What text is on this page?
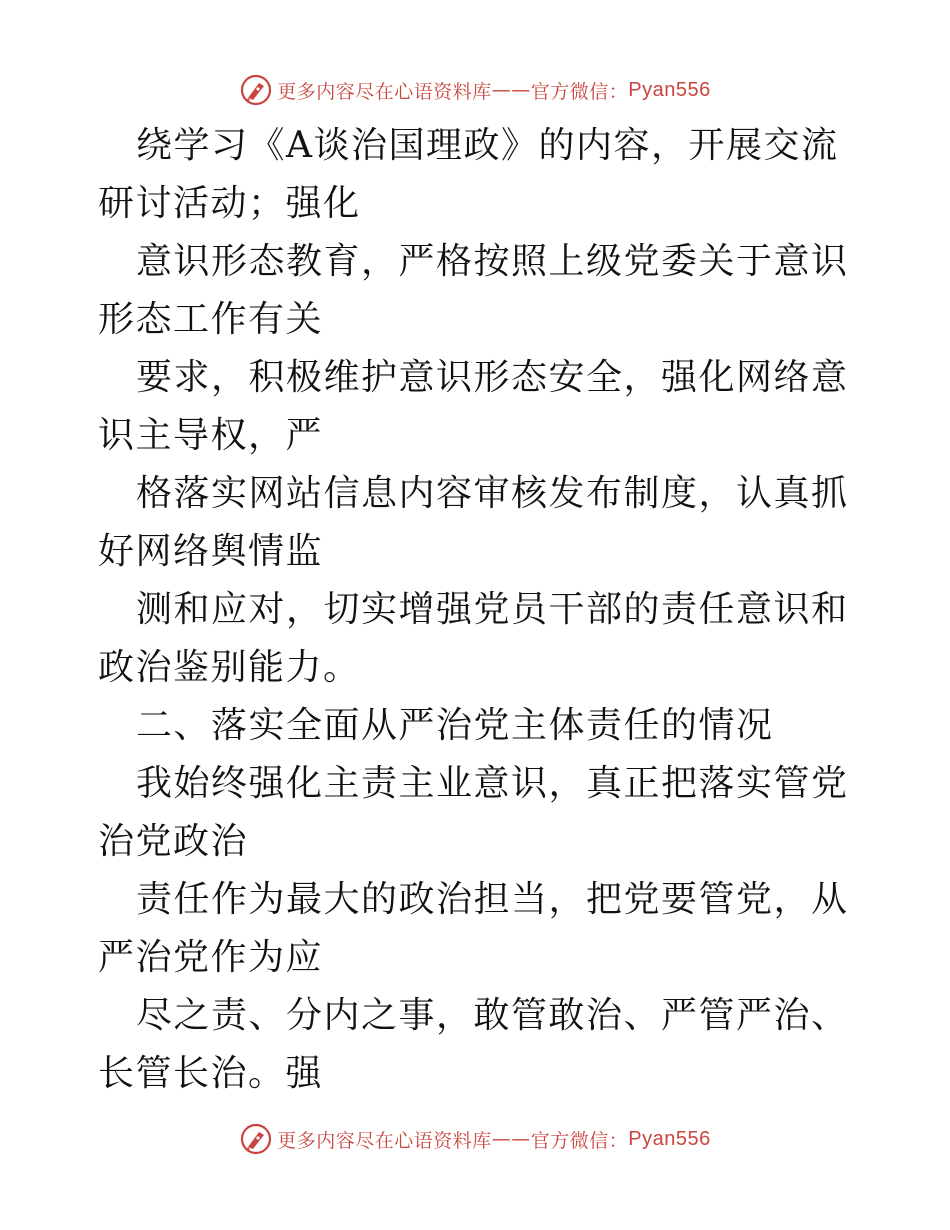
更多内容尽在心语资料库 —— 官方微信： Pyan556

绕学习《A谈治国理政》的内容，开展交流研讨活动；强化

意识形态教育，严格按照上级党委关于意识形态工作有关

要求，积极维护意识形态安全，强化网络意识主导权，严

格落实网站信息内容审核发布制度，认真抓好网络舆情监

测和应对，切实增强党员干部的责任意识和政治鉴别能力。

二、落实全面从严治党主体责任的情况

我始终强化主责主业意识，真正把落实管党治党政治

责任作为最大的政治担当，把党要管党，从严治党作为应

尽之责、分内之事，敢管敢治、严管严治、长管长治。强

更多内容尽在心语资料库 —— 官方微信： Pyan556
